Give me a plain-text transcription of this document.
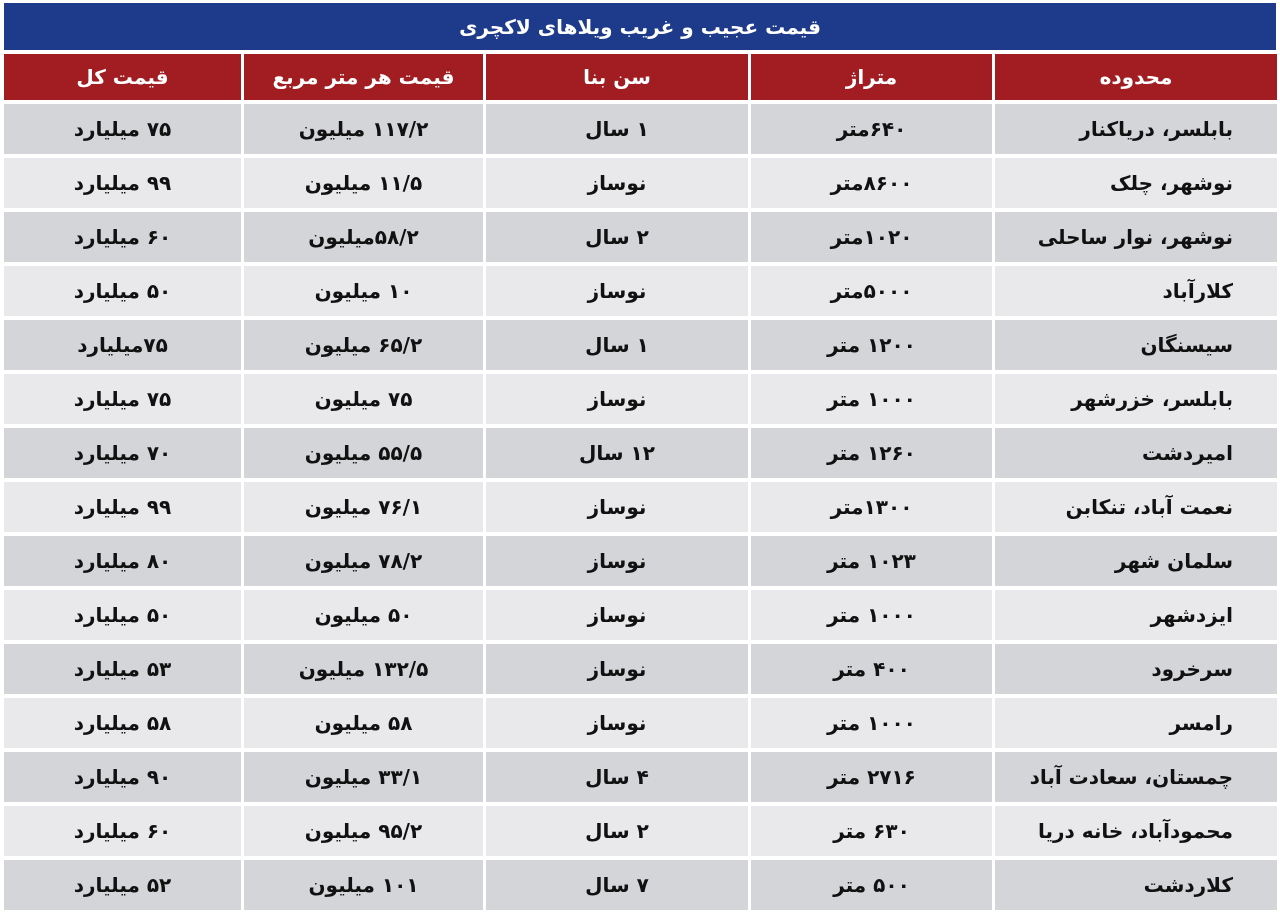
قیمت عجیب و غریب ویلاهای لاکچری
محدوده	متراژ	سن بنا	قیمت هر متر مربع	قیمت کل
بابلسر، دریاکنار	۶۴۰متر	۱ سال	۱۱۷/۲ میلیون	۷۵ میلیارد
نوشهر، چلک	۸۶۰۰متر	نوساز	۱۱/۵ میلیون	۹۹ میلیارد
نوشهر، نوار ساحلی	۱۰۲۰متر	۲ سال	۵۸/۲میلیون	۶۰ میلیارد
کلارآباد	۵۰۰۰متر	نوساز	۱۰ میلیون	۵۰ میلیارد
سیسنگان	۱۲۰۰ متر	۱ سال	۶۵/۲ میلیون	۷۵میلیارد
بابلسر، خزرشهر	۱۰۰۰ متر	نوساز	۷۵ میلیون	۷۵ میلیارد
امیردشت	۱۲۶۰ متر	۱۲ سال	۵۵/۵ میلیون	۷۰ میلیارد
نعمت آباد، تنکابن	۱۳۰۰متر	نوساز	۷۶/۱ میلیون	۹۹ میلیارد
سلمان شهر	۱۰۲۳ متر	نوساز	۷۸/۲ میلیون	۸۰ میلیارد
ایزدشهر	۱۰۰۰ متر	نوساز	۵۰ میلیون	۵۰ میلیارد
سرخرود	۴۰۰ متر	نوساز	۱۳۲/۵ میلیون	۵۳ میلیارد
رامسر	۱۰۰۰ متر	نوساز	۵۸ میلیون	۵۸ میلیارد
چمستان، سعادت آباد	۲۷۱۶ متر	۴ سال	۳۳/۱ میلیون	۹۰ میلیارد
محمودآباد، خانه دریا	۶۳۰ متر	۲ سال	۹۵/۲ میلیون	۶۰ میلیارد
کلاردشت	۵۰۰ متر	۷ سال	۱۰۱ میلیون	۵۲ میلیارد
